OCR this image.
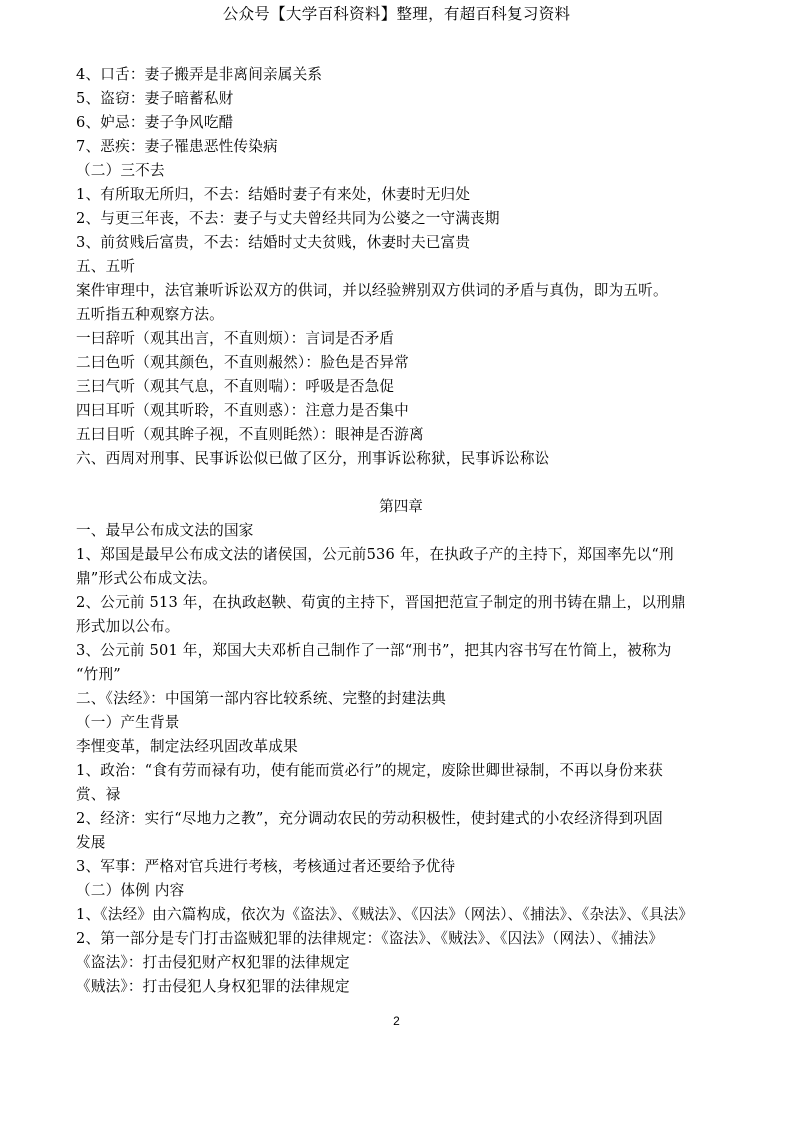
公众号【大学百科资料】整理，有超百科复习资料
4、口舌：妻子搬弄是非离间亲属关系
5、盗窃：妻子暗蓄私财
6、妒忌：妻子争风吃醋
7、恶疾：妻子罹患恶性传染病
（二）三不去
1、有所取无所归，不去：结婚时妻子有来处，休妻时无归处
2、与更三年丧，不去：妻子与丈夫曾经共同为公婆之一守满丧期
3、前贫贱后富贵，不去：结婚时丈夫贫贱，休妻时夫已富贵
五、五听
案件审理中，法官兼听诉讼双方的供词，并以经验辨别双方供词的矛盾与真伪，即为五听。
五听指五种观察方法。
一曰辞听（观其出言，不直则烦）：言词是否矛盾
二曰色听（观其颜色，不直则赧然）：脸色是否异常
三曰气听（观其气息，不直则喘）：呼吸是否急促
四曰耳听（观其听聆，不直则惑）：注意力是否集中
五曰目听（观其眸子视，不直则眊然）：眼神是否游离
六、西周对刑事、民事诉讼似已做了区分，刑事诉讼称狱，民事诉讼称讼
第四章
一、最早公布成文法的国家
1、郑国是最早公布成文法的诸侯国，公元前536 年，在执政子产的主持下，郑国率先以“刑
鼎”形式公布成文法。
2、公元前 513 年，在执政赵鞅、荀寅的主持下，晋国把范宣子制定的刑书铸在鼎上，以刑鼎
形式加以公布。
3、公元前 501 年，郑国大夫邓析自己制作了一部“刑书”，把其内容书写在竹简上，被称为
“竹刑”
二、《法经》：中国第一部内容比较系统、完整的封建法典
（一）产生背景
李悝变革，制定法经巩固改革成果
1、政治：“食有劳而禄有功，使有能而赏必行”的规定，废除世卿世禄制，不再以身份来获
赏、禄
2、经济：实行“尽地力之教”，充分调动农民的劳动积极性，使封建式的小农经济得到巩固
发展
3、军事：严格对官兵进行考核，考核通过者还要给予优待
（二）体例 内容
1、《法经》由六篇构成，依次为《盗法》、《贼法》、《囚法》（网法）、《捕法》、《杂法》、《具法》
2、第一部分是专门打击盗贼犯罪的法律规定：《盗法》、《贼法》、《囚法》（网法）、《捕法》
《盗法》：打击侵犯财产权犯罪的法律规定
《贼法》：打击侵犯人身权犯罪的法律规定
2
